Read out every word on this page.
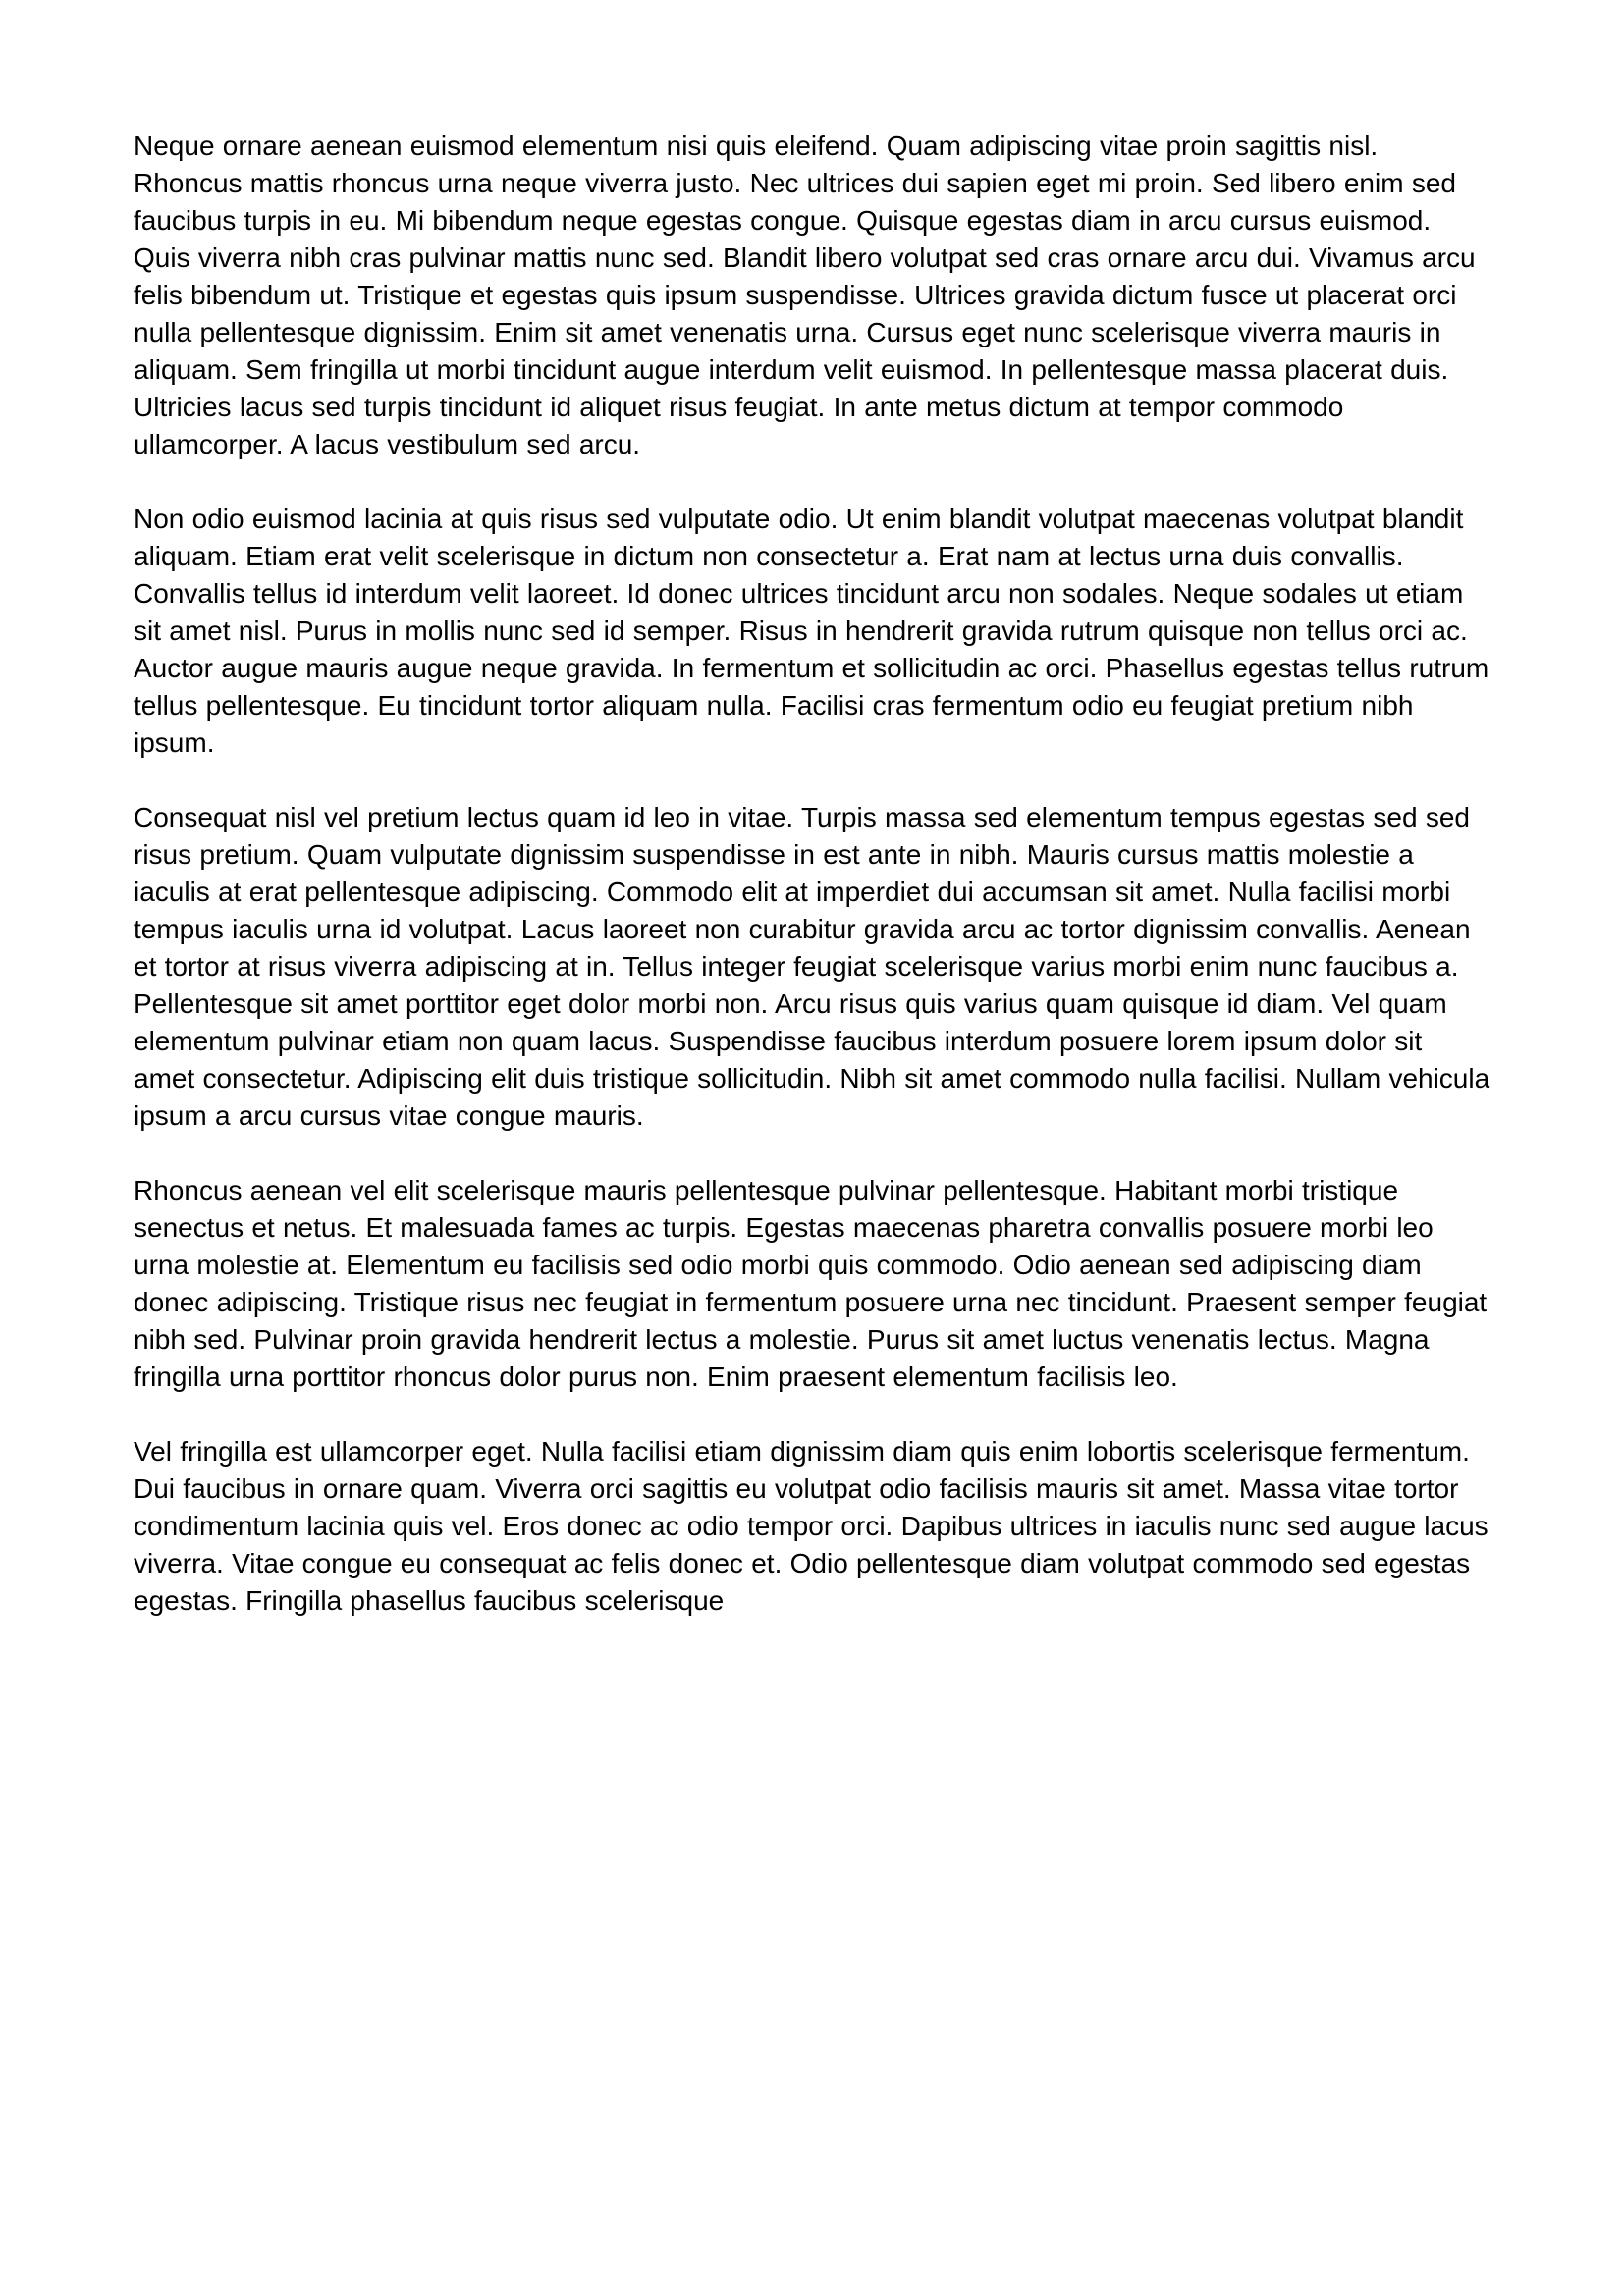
Neque ornare aenean euismod elementum nisi quis eleifend. Quam adipiscing vitae proin sagittis nisl. Rhoncus mattis rhoncus urna neque viverra justo. Nec ultrices dui sapien eget mi proin. Sed libero enim sed faucibus turpis in eu. Mi bibendum neque egestas congue. Quisque egestas diam in arcu cursus euismod. Quis viverra nibh cras pulvinar mattis nunc sed. Blandit libero volutpat sed cras ornare arcu dui. Vivamus arcu felis bibendum ut. Tristique et egestas quis ipsum suspendisse. Ultrices gravida dictum fusce ut placerat orci nulla pellentesque dignissim. Enim sit amet venenatis urna. Cursus eget nunc scelerisque viverra mauris in aliquam. Sem fringilla ut morbi tincidunt augue interdum velit euismod. In pellentesque massa placerat duis. Ultricies lacus sed turpis tincidunt id aliquet risus feugiat. In ante metus dictum at tempor commodo ullamcorper. A lacus vestibulum sed arcu.

Non odio euismod lacinia at quis risus sed vulputate odio. Ut enim blandit volutpat maecenas volutpat blandit aliquam. Etiam erat velit scelerisque in dictum non consectetur a. Erat nam at lectus urna duis convallis. Convallis tellus id interdum velit laoreet. Id donec ultrices tincidunt arcu non sodales. Neque sodales ut etiam sit amet nisl. Purus in mollis nunc sed id semper. Risus in hendrerit gravida rutrum quisque non tellus orci ac. Auctor augue mauris augue neque gravida. In fermentum et sollicitudin ac orci. Phasellus egestas tellus rutrum tellus pellentesque. Eu tincidunt tortor aliquam nulla. Facilisi cras fermentum odio eu feugiat pretium nibh ipsum.

Consequat nisl vel pretium lectus quam id leo in vitae. Turpis massa sed elementum tempus egestas sed sed risus pretium. Quam vulputate dignissim suspendisse in est ante in nibh. Mauris cursus mattis molestie a iaculis at erat pellentesque adipiscing. Commodo elit at imperdiet dui accumsan sit amet. Nulla facilisi morbi tempus iaculis urna id volutpat. Lacus laoreet non curabitur gravida arcu ac tortor dignissim convallis. Aenean et tortor at risus viverra adipiscing at in. Tellus integer feugiat scelerisque varius morbi enim nunc faucibus a. Pellentesque sit amet porttitor eget dolor morbi non. Arcu risus quis varius quam quisque id diam. Vel quam elementum pulvinar etiam non quam lacus. Suspendisse faucibus interdum posuere lorem ipsum dolor sit amet consectetur. Adipiscing elit duis tristique sollicitudin. Nibh sit amet commodo nulla facilisi. Nullam vehicula ipsum a arcu cursus vitae congue mauris.

Rhoncus aenean vel elit scelerisque mauris pellentesque pulvinar pellentesque. Habitant morbi tristique senectus et netus. Et malesuada fames ac turpis. Egestas maecenas pharetra convallis posuere morbi leo urna molestie at. Elementum eu facilisis sed odio morbi quis commodo. Odio aenean sed adipiscing diam donec adipiscing. Tristique risus nec feugiat in fermentum posuere urna nec tincidunt. Praesent semper feugiat nibh sed. Pulvinar proin gravida hendrerit lectus a molestie. Purus sit amet luctus venenatis lectus. Magna fringilla urna porttitor rhoncus dolor purus non. Enim praesent elementum facilisis leo.

Vel fringilla est ullamcorper eget. Nulla facilisi etiam dignissim diam quis enim lobortis scelerisque fermentum. Dui faucibus in ornare quam. Viverra orci sagittis eu volutpat odio facilisis mauris sit amet. Massa vitae tortor condimentum lacinia quis vel. Eros donec ac odio tempor orci. Dapibus ultrices in iaculis nunc sed augue lacus viverra. Vitae congue eu consequat ac felis donec et. Odio pellentesque diam volutpat commodo sed egestas egestas. Fringilla phasellus faucibus scelerisque
